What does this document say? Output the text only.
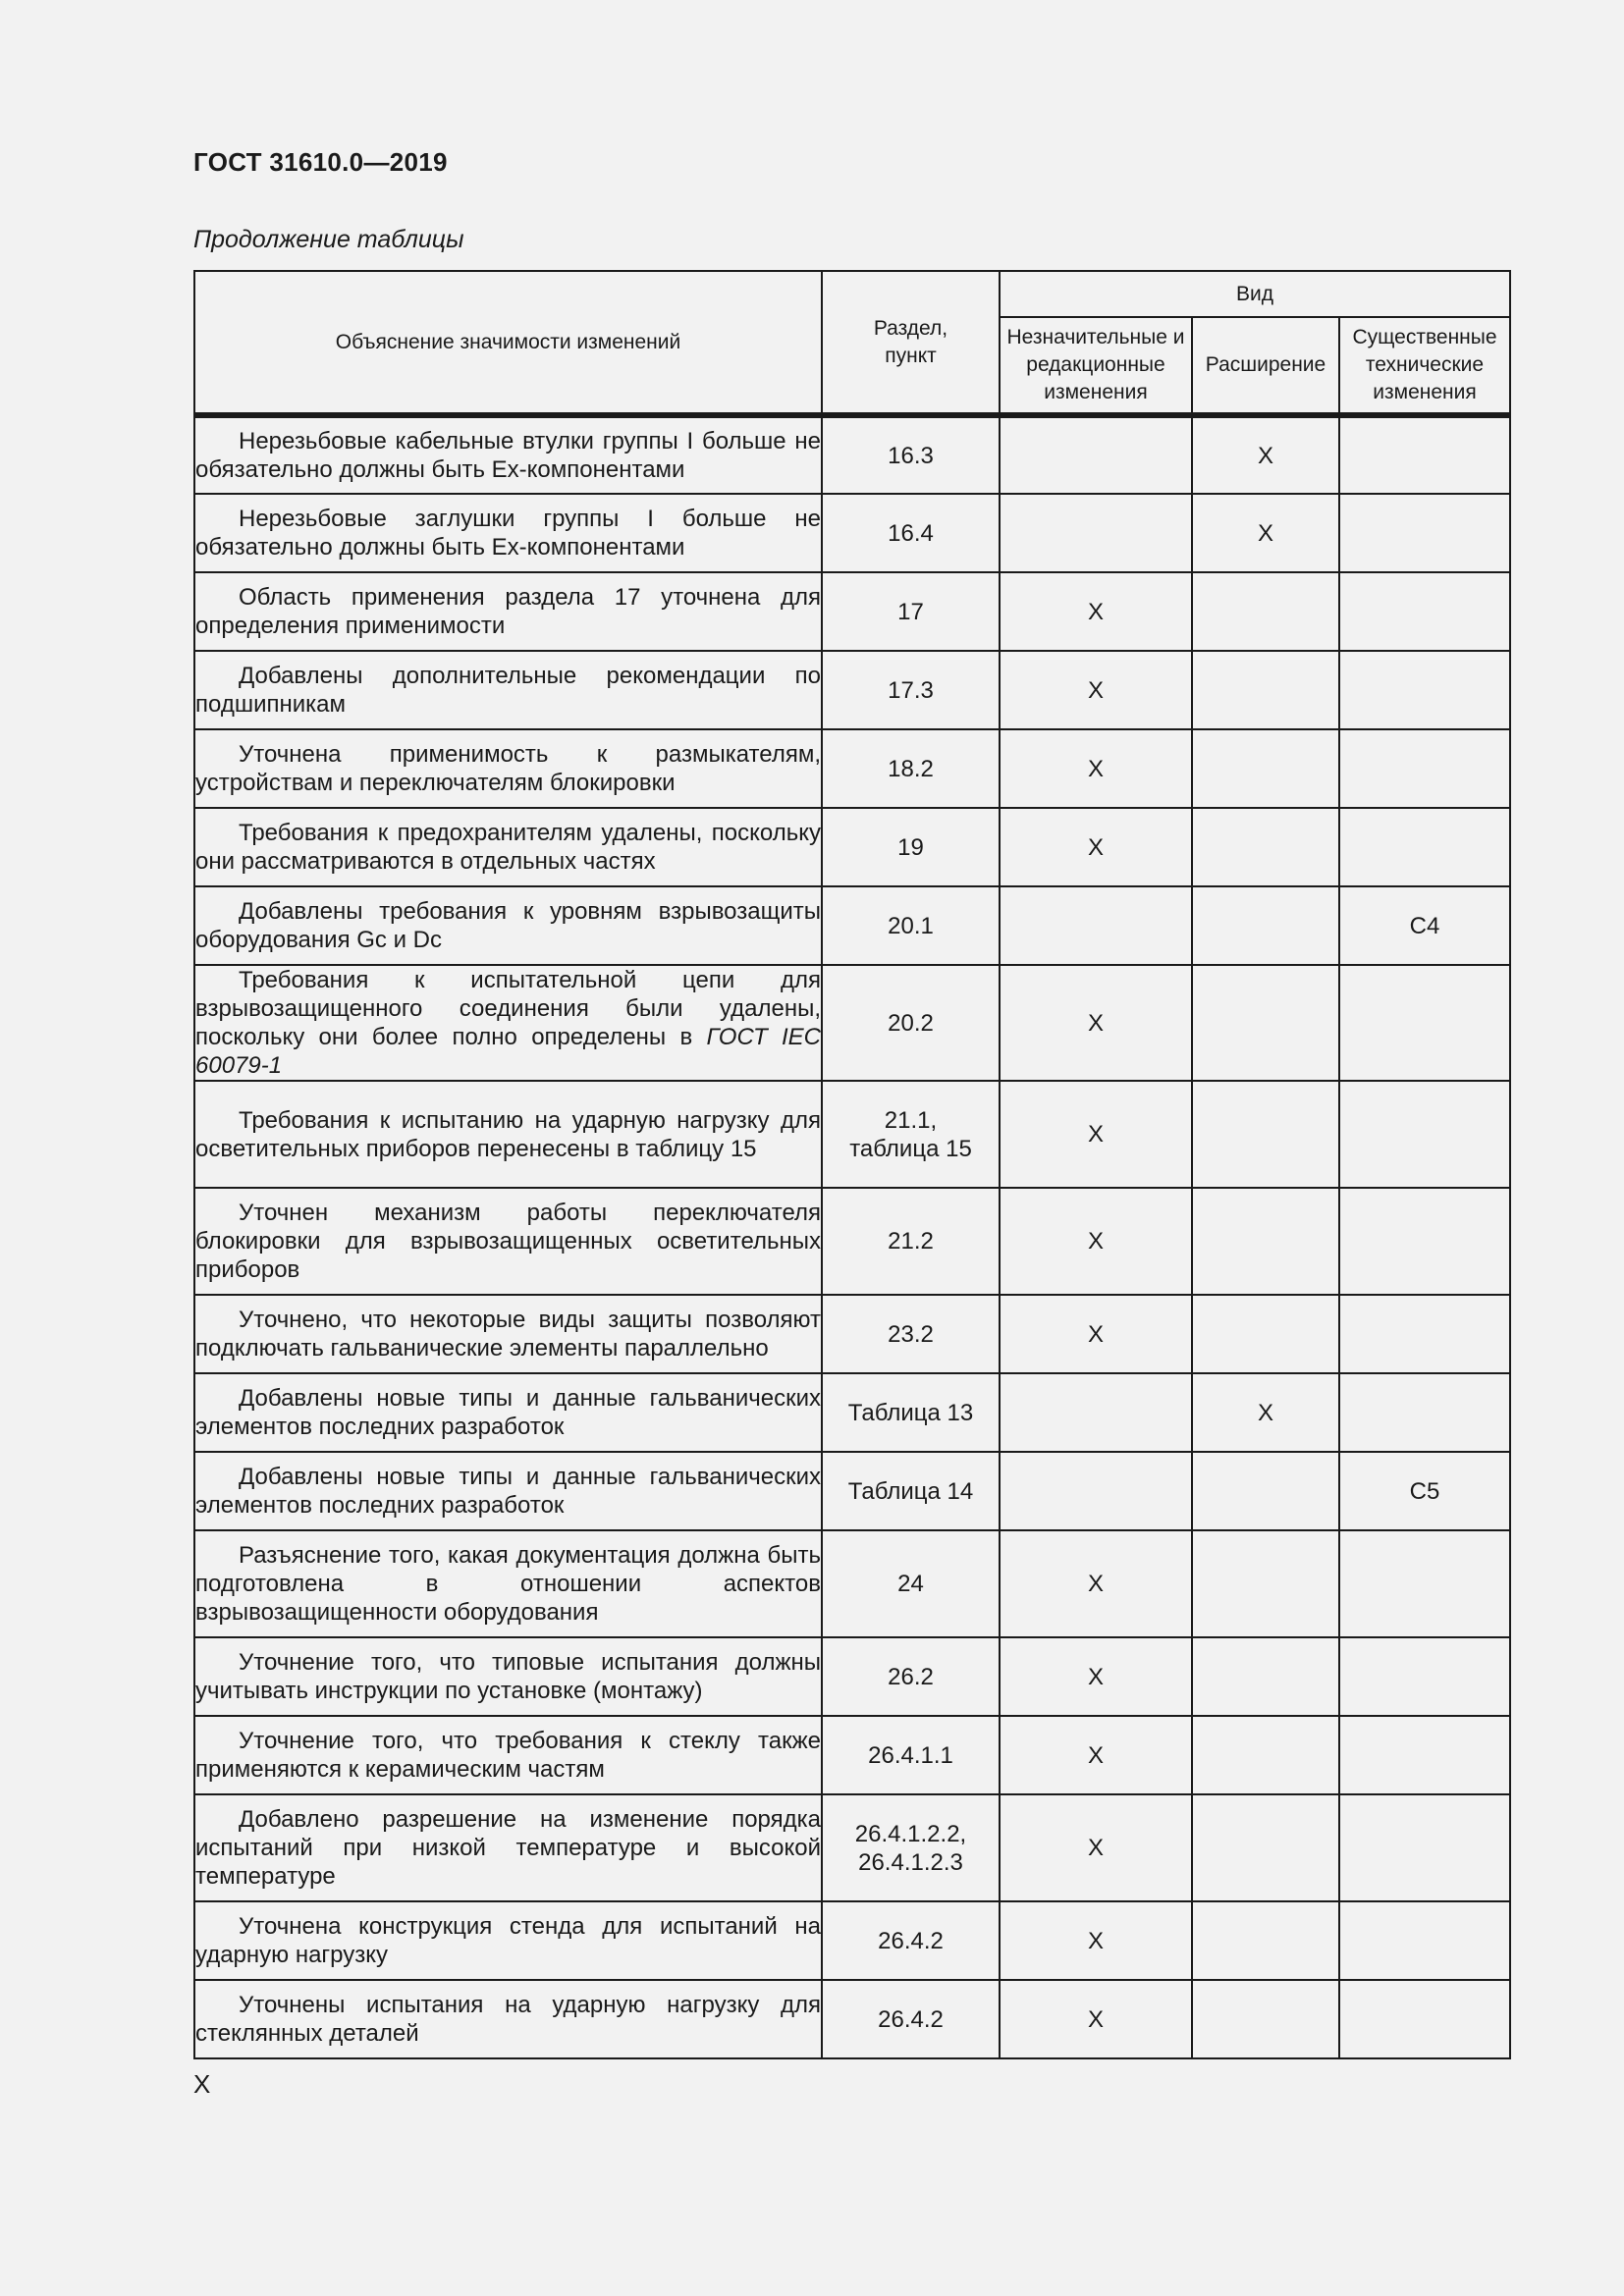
ГОСТ 31610.0—2019
Продолжение таблицы
Объяснение значимости изменений	Раздел, пункт	Вид		
		Незначительные и редакционные изменения	Расширение	Существенные технические изменения
Нерезьбовые кабельные втулки группы I больше не обязательно должны быть Ex-компонентами	16.3		X	
Нерезьбовые заглушки группы I больше не обязательно должны быть Ex-компонентами	16.4		X	
Область применения раздела 17 уточнена для определения применимости	17	X		
Добавлены дополнительные рекомендации по подшипникам	17.3	X		
Уточнена применимость к размыкателям, устройствам и переключателям блокировки	18.2	X		
Требования к предохранителям удалены, поскольку они рассматриваются в отдельных частях	19	X		
Добавлены требования к уровням взрывозащиты оборудования Gc и Dc	20.1			C4
Требования к испытательной цепи для взрывозащищенного соединения были удалены, поскольку они более полно определены в ГОСТ IEC 60079-1	20.2	X		
Требования к испытанию на ударную нагрузку для осветительных приборов перенесены в таблицу 15	21.1, таблица 15	X		
Уточнен механизм работы переключателя блокировки для взрывозащищенных осветительных приборов	21.2	X		
Уточнено, что некоторые виды защиты позволяют подключать гальванические элементы параллельно	23.2	X		
Добавлены новые типы и данные гальванических элементов последних разработок	Таблица 13		X	
Добавлены новые типы и данные гальванических элементов последних разработок	Таблица 14			C5
Разъяснение того, какая документация должна быть подготовлена в отношении аспектов взрывозащищенности оборудования	24	X		
Уточнение того, что типовые испытания должны учитывать инструкции по установке (монтажу)	26.2	X		
Уточнение того, что требования к стеклу также применяются к керамическим частям	26.4.1.1	X		
Добавлено разрешение на изменение порядка испытаний при низкой температуре и высокой температуре	26.4.1.2.2, 26.4.1.2.3	X		
Уточнена конструкция стенда для испытаний на ударную нагрузку	26.4.2	X		
Уточнены испытания на ударную нагрузку для стеклянных деталей	26.4.2	X		
X
